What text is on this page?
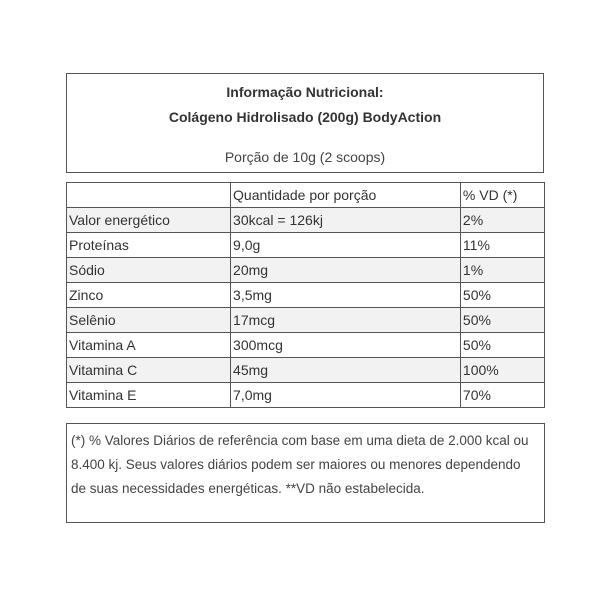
Informação Nutricional:
Colágeno Hidrolisado (200g) BodyAction
Porção de 10g (2 scoops)
	Quantidade por porção	% VD (*)
Valor energético	30kcal = 126kj	2%
Proteínas	9,0g	11%
Sódio	20mg	1%
Zinco	3,5mg	50%
Selênio	17mcg	50%
Vitamina A	300mcg	50%
Vitamina C	45mg	100%
Vitamina E	7,0mg	70%
(*) % Valores Diários de referência com base em uma dieta de 2.000 kcal ou 8.400 kj. Seus valores diários podem ser maiores ou menores dependendo de suas necessidades energéticas. **VD não estabelecida.
